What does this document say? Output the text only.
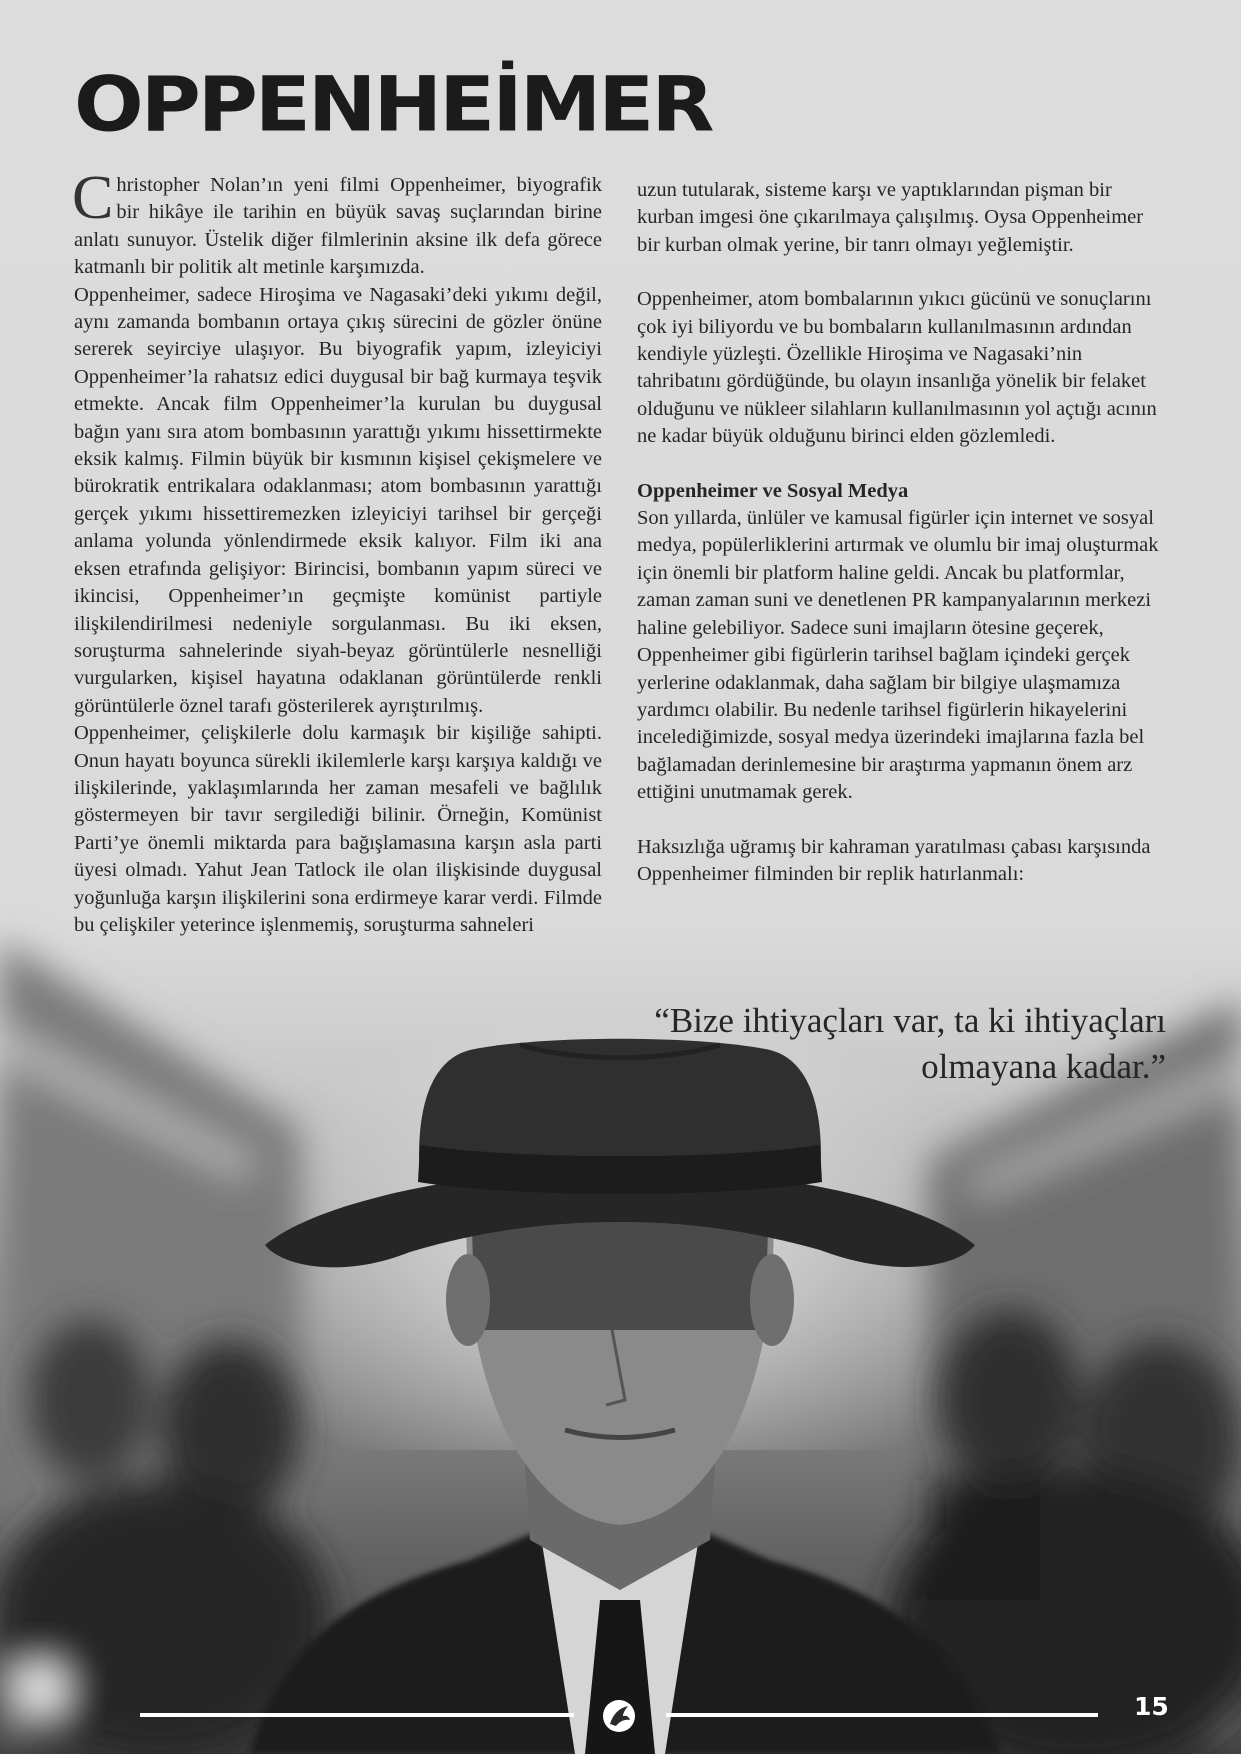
OPPENHEİMER

Christopher Nolan’ın yeni filmi Oppenheimer, biyografik bir hikâye ile tarihin en büyük savaş suçlarından birine anlatı sunuyor. Üstelik diğer filmlerinin aksine ilk defa görece katmanlı bir politik alt metinle karşımızda.

Oppenheimer, sadece Hiroşima ve Nagasaki’deki yıkımı değil, aynı zamanda bombanın ortaya çıkış sürecini de gözler önüne sererek seyirciye ulaşıyor. Bu biyografik yapım, izleyiciyi Oppenheimer’la rahatsız edici duygusal bir bağ kurmaya teşvik etmekte. Ancak film Oppenheimer’la kurulan bu duygusal bağın yanı sıra atom bombasının yarattığı yıkımı hissettirmekte eksik kalmış. Filmin büyük bir kısmının kişisel çekişmelere ve bürokratik entrikalara odaklanması; atom bombasının yarattığı gerçek yıkımı hissettiremezken izleyiciyi tarihsel bir gerçeği anlama yolunda yönlendirmede eksik kalıyor. Film iki ana eksen etrafında gelişiyor: Birincisi, bombanın yapım süreci ve ikincisi, Oppenheimer’ın geçmişte komünist partiyle ilişkilendirilmesi nedeniyle sorgulanması. Bu iki eksen, soruşturma sahnelerinde siyah-beyaz görüntülerle nesnelliği vurgularken, kişisel hayatına odaklanan görüntülerde renkli görüntülerle öznel tarafı gösterilerek ayrıştırılmış.

Oppenheimer, çelişkilerle dolu karmaşık bir kişiliğe sahipti. Onun hayatı boyunca sürekli ikilemlerle karşı karşıya kaldığı ve ilişkilerinde, yaklaşımlarında her zaman mesafeli ve bağlılık göstermeyen bir tavır sergilediği bilinir. Örneğin, Komünist Parti’ye önemli miktarda para bağışlamasına karşın asla parti üyesi olmadı. Yahut Jean Tatlock ile olan ilişkisinde duygusal yoğunluğa karşın ilişkilerini sona erdirmeye karar verdi. Filmde bu çelişkiler yeterince işlenmemiş, soruşturma sahneleri

uzun tutularak, sisteme karşı ve yaptıklarından pişman bir kurban imgesi öne çıkarılmaya çalışılmış. Oysa Oppenheimer bir kurban olmak yerine, bir tanrı olmayı yeğlemiştir.

Oppenheimer, atom bombalarının yıkıcı gücünü ve sonuçlarını çok iyi biliyordu ve bu bombaların kullanılmasının ardından kendiyle yüzleşti. Özellikle Hiroşima ve Nagasaki’nin tahribatını gördüğünde, bu olayın insanlığa yönelik bir felaket olduğunu ve nükleer silahların kullanılmasının yol açtığı acının ne kadar büyük olduğunu birinci elden gözlemledi.

Oppenheimer ve Sosyal Medya

Son yıllarda, ünlüler ve kamusal figürler için internet ve sosyal medya, popülerliklerini artırmak ve olumlu bir imaj oluşturmak için önemli bir platform haline geldi. Ancak bu platformlar, zaman zaman suni ve denetlenen PR kampanyalarının merkezi haline gelebiliyor. Sadece suni imajların ötesine geçerek, Oppenheimer gibi figürlerin tarihsel bağlam içindeki gerçek yerlerine odaklanmak, daha sağlam bir bilgiye ulaşmamıza yardımcı olabilir. Bu nedenle tarihsel figürlerin hikayelerini incelediğimizde, sosyal medya üzerindeki imajlarına fazla bel bağlamadan derinlemesine bir araştırma yapmanın önem arz ettiğini unutmamak gerek.

Haksızlığa uğramış bir kahraman yaratılması çabası karşısında Oppenheimer filminden bir replik hatırlanmalı:

“Bize ihtiyaçları var, ta ki ihtiyaçları olmayana kadar.”
15
